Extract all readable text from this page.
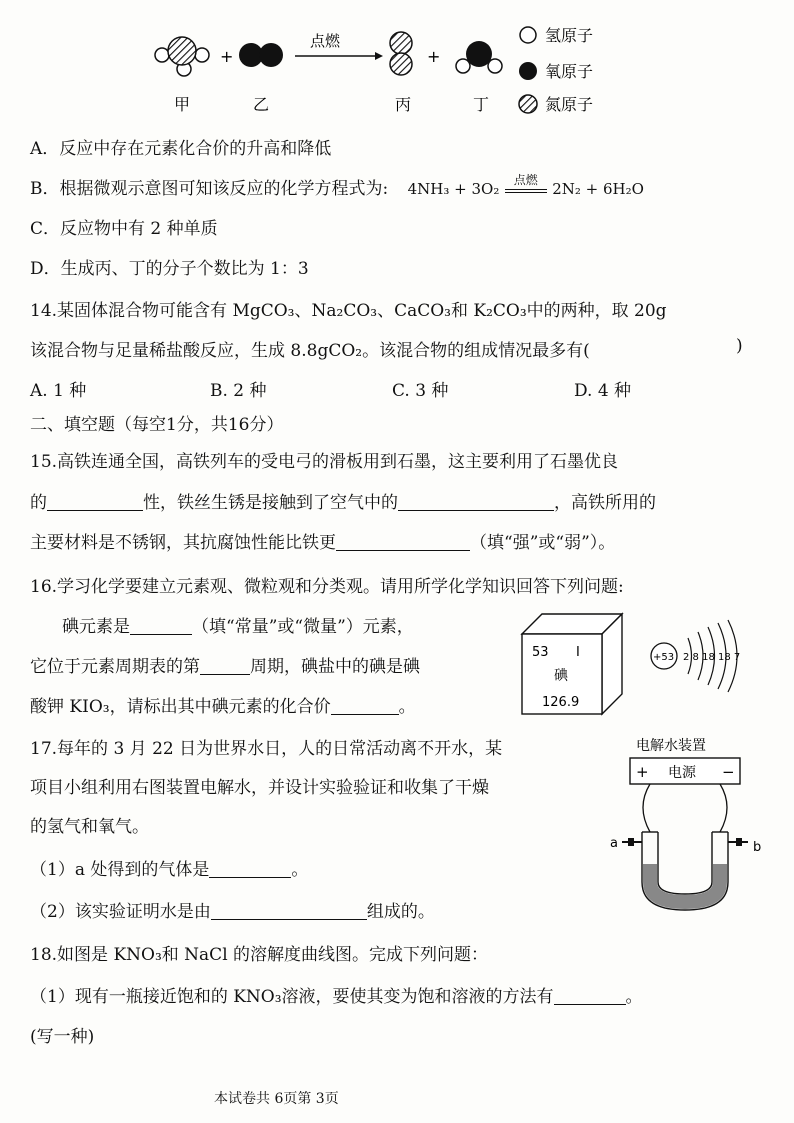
+
点燃
+
氢原子
氧原子
氮原子
甲	乙	丙	丁
A．反应中存在元素化合价的升高和降低
B．根据微观示意图可知该反应的化学方程式为: 4NH₃ + 3O₂
点燃
2N₂ + 6H₂O
C．反应物中有 2 种单质
D．生成丙、丁的分子个数比为 1：3
14.某固体混合物可能含有 MgCO₃、Na₂CO₃、CaCO₃和 K₂CO₃中的两种，取 20g
该混合物与足量稀盐酸反应，生成 8.8gCO₂。该混合物的组成情况最多有(	)
A. 1 种	B. 2 种	C. 3 种	D. 4 种
二、填空题（每空1分，共16分）
15.高铁连通全国，高铁列车的受电弓的滑板用到石墨，这主要利用了石墨优良
的	性，铁丝生锈是接触到了空气中的	，高铁所用的
主要材料是不锈钢，其抗腐蚀性能比铁更	（填“强”或“弱”）。
16.学习化学要建立元素观、微粒观和分类观。请用所学化学知识回答下列问题:
碘元素是	（填“常量”或“微量”）元素，
它位于元素周期表的第	周期，碘盐中的碘是碘
酸钾 KIO₃，请标出其中碘元素的化合价	。
53 I
碘
126.9
+53 2 8 18 18 7
17.每年的 3 月 22 日为世界水日，人的日常活动离不开水，某
项目小组利用右图装置电解水，并设计实验验证和收集了干燥
的氢气和氧气。
（1）a 处得到的气体是	。
（2）该实验证明水是由	组成的。
电解水装置
+ 电源 −
a	b
18.如图是 KNO₃和 NaCl 的溶解度曲线图。完成下列问题：
（1）现有一瓶接近饱和的 KNO₃溶液，要使其变为饱和溶液的方法有	。
(写一种)
本试卷共 6页第 3页
